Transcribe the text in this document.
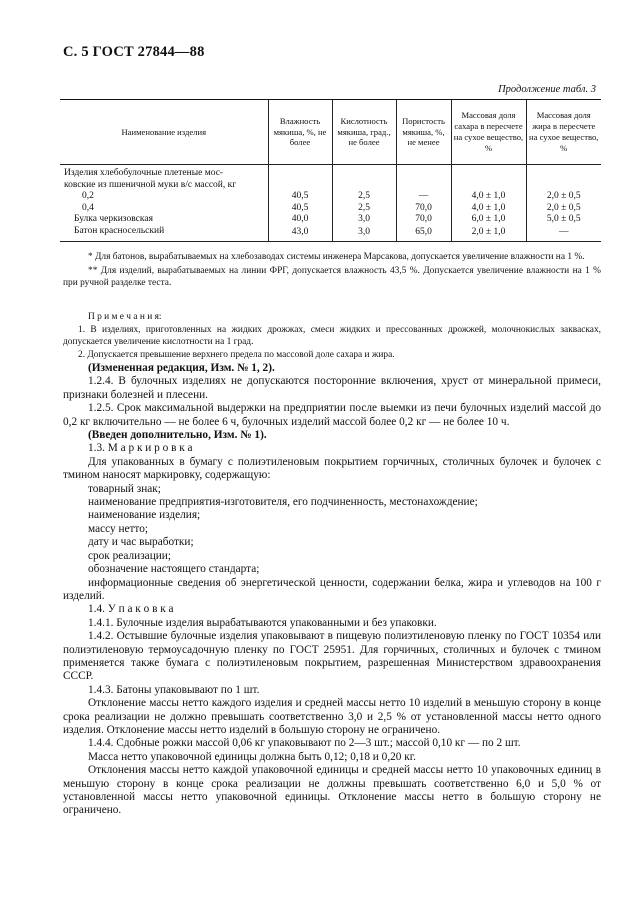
С. 5 ГОСТ 27844—88
Продолжение табл. 3
Наименование изделия	Влажность мякиша, %, не более	Кислотность мякиша, град., не более	Пористость мякиша, %, не менее	Массовая доля сахара в пересчете на сухое вещество, %	Массовая доля жира в пересчете на сухое вещество, %
Изделия хлебобулочные плетеные мос-					
ковские из пшеничной муки в/с массой, кг					
0,2	40,5	2,5	—	4,0 ± 1,0	2,0 ± 0,5
0,4	40,5	2,5	70,0	4,0 ± 1,0	2,0 ± 0,5
Булка черкизовская	40,0	3,0	70,0	6,0 ± 1,0	5,0 ± 0,5
Батон красносельский	43,0	3,0	65,0	2,0 ± 1,0	—

* Для батонов, вырабатываемых на хлебозаводах системы инженера Марсакова, допускается увеличение влажности на 1 %.

** Для изделий, вырабатываемых на линии ФРГ, допускается влажность 43,5 %. Допускается увеличение влажности на 1 % при ручной разделке теста.

П р и м е ч а н и я:

1. В изделиях, приготовленных на жидких дрожжах, смеси жидких и прессованных дрожжей, молочнокислых заквасках, допускается увеличение кислотности на 1 град.

2. Допускается превышение верхнего предела по массовой доле сахара и жира.

(Измененная редакция, Изм. № 1, 2).

1.2.4. В булочных изделиях не допускаются посторонние включения, хруст от минеральной примеси, признаки болезней и плесени.

1.2.5. Срок максимальной выдержки на предприятии после выемки из печи булочных изделий массой до 0,2 кг включительно — не более 6 ч, булочных изделий массой более 0,2 кг — не более 10 ч.

(Введен дополнительно, Изм. № 1).

1.3. М а р к и р о в к а

Для упакованных в бумагу с полиэтиленовым покрытием горчичных, столичных булочек и булочек с тмином наносят маркировку, содержащую:

товарный знак;

наименование предприятия-изготовителя, его подчиненность, местонахождение;

наименование изделия;

массу нетто;

дату и час выработки;

срок реализации;

обозначение настоящего стандарта;

информационные сведения об энергетической ценности, содержании белка, жира и углеводов на 100 г изделий.

1.4. У п а к о в к а

1.4.1. Булочные изделия вырабатываются упакованными и без упаковки.

1.4.2. Остывшие булочные изделия упаковывают в пищевую полиэтиленовую пленку по ГОСТ 10354 или полиэтиленовую термоусадочную пленку по ГОСТ 25951. Для горчичных, столичных и булочек с тмином применяется также бумага с полиэтиленовым покрытием, разрешенная Министерством здравоохранения СССР.

1.4.3. Батоны упаковывают по 1 шт.

Отклонение массы нетто каждого изделия и средней массы нетто 10 изделий в меньшую сторону в конце срока реализации не должно превышать соответственно 3,0 и 2,5 % от установленной массы нетто одного изделия. Отклонение массы нетто изделий в большую сторону не ограничено.

1.4.4. Сдобные рожки массой 0,06 кг упаковывают по 2—3 шт.; массой 0,10 кг — по 2 шт.

Масса нетто упаковочной единицы должна быть 0,12; 0,18 и 0,20 кг.

Отклонения массы нетто каждой упаковочной единицы и средней массы нетто 10 упаковочных единиц в меньшую сторону в конце срока реализации не должны превышать соответственно 6,0 и 5,0 % от установленной массы нетто упаковочной единицы. Отклонение массы нетто в большую сторону не ограничено.
